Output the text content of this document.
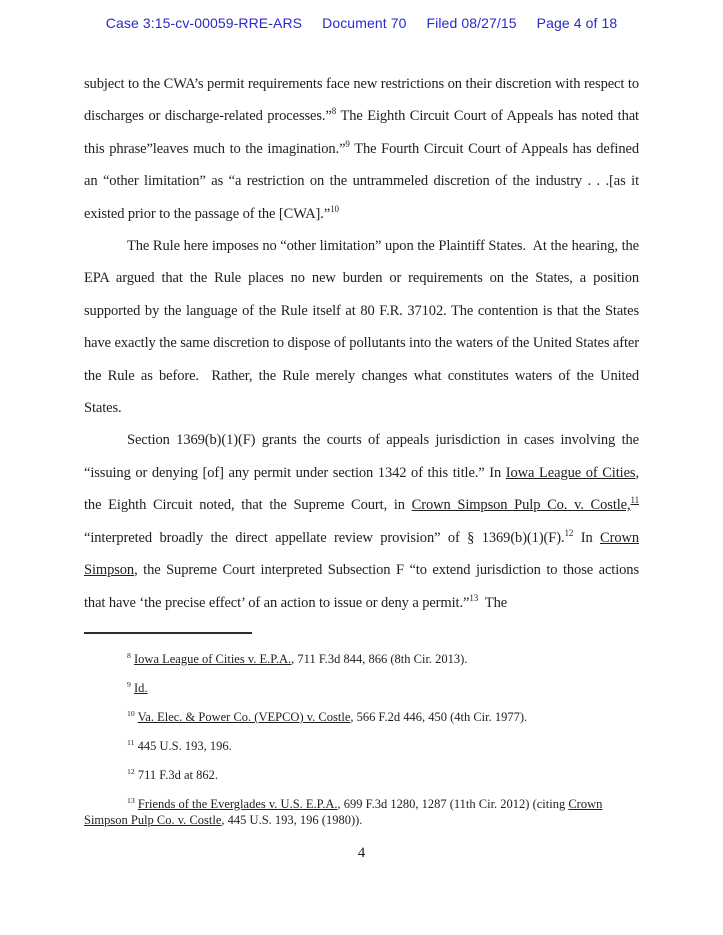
Case 3:15-cv-00059-RRE-ARS Document 70 Filed 08/27/15 Page 4 of 18

subject to the CWA’s permit requirements face new restrictions on their discretion with respect to discharges or discharge-related processes.”$^8$ The Eighth Circuit Court of Appeals has noted that this phrase”leaves much to the imagination.”$^9$ The Fourth Circuit Court of Appeals has defined an “other limitation” as “a restriction on the untrammeled discretion of the industry . . .[as it existed prior to the passage of the [CWA].”$^{10}$

The Rule here imposes no “other limitation” upon the Plaintiff States.  At the hearing, the EPA argued that the Rule places no new burden or requirements on the States, a position supported by the language of the Rule itself at 80 F.R. 37102. The contention is that the States have exactly the same discretion to dispose of pollutants into the waters of the United States after the Rule as before.  Rather, the Rule merely changes what constitutes waters of the United States.

Section 1369(b)(1)(F) grants the courts of appeals jurisdiction in cases involving the “issuing or denying [of] any permit under section 1342 of this title.” In Iowa League of Cities, the Eighth Circuit noted, that the Supreme Court, in Crown Simpson Pulp Co. v. Costle,$^{11}$ “interpreted broadly the direct appellate review provision” of § 1369(b)(1)(F).$^{12}$ In Crown Simpson, the Supreme Court interpreted Subsection F “to extend jurisdiction to those actions that have ‘the precise effect’ of an action to issue or deny a permit.”$^{13}$  The

$^8$ Iowa League of Cities v. E.P.A., 711 F.3d 844, 866 (8th Cir. 2013).

$^9$ Id.

$^{10}$ Va. Elec. & Power Co. (VEPCO) v. Costle, 566 F.2d 446, 450 (4th Cir. 1977).

$^{11}$ 445 U.S. 193, 196.

$^{12}$ 711 F.3d at 862.

$^{13}$ Friends of the Everglades v. U.S. E.P.A., 699 F.3d 1280, 1287 (11th Cir. 2012) (citing Crown Simpson Pulp Co. v. Costle, 445 U.S. 193, 196 (1980)).

4
